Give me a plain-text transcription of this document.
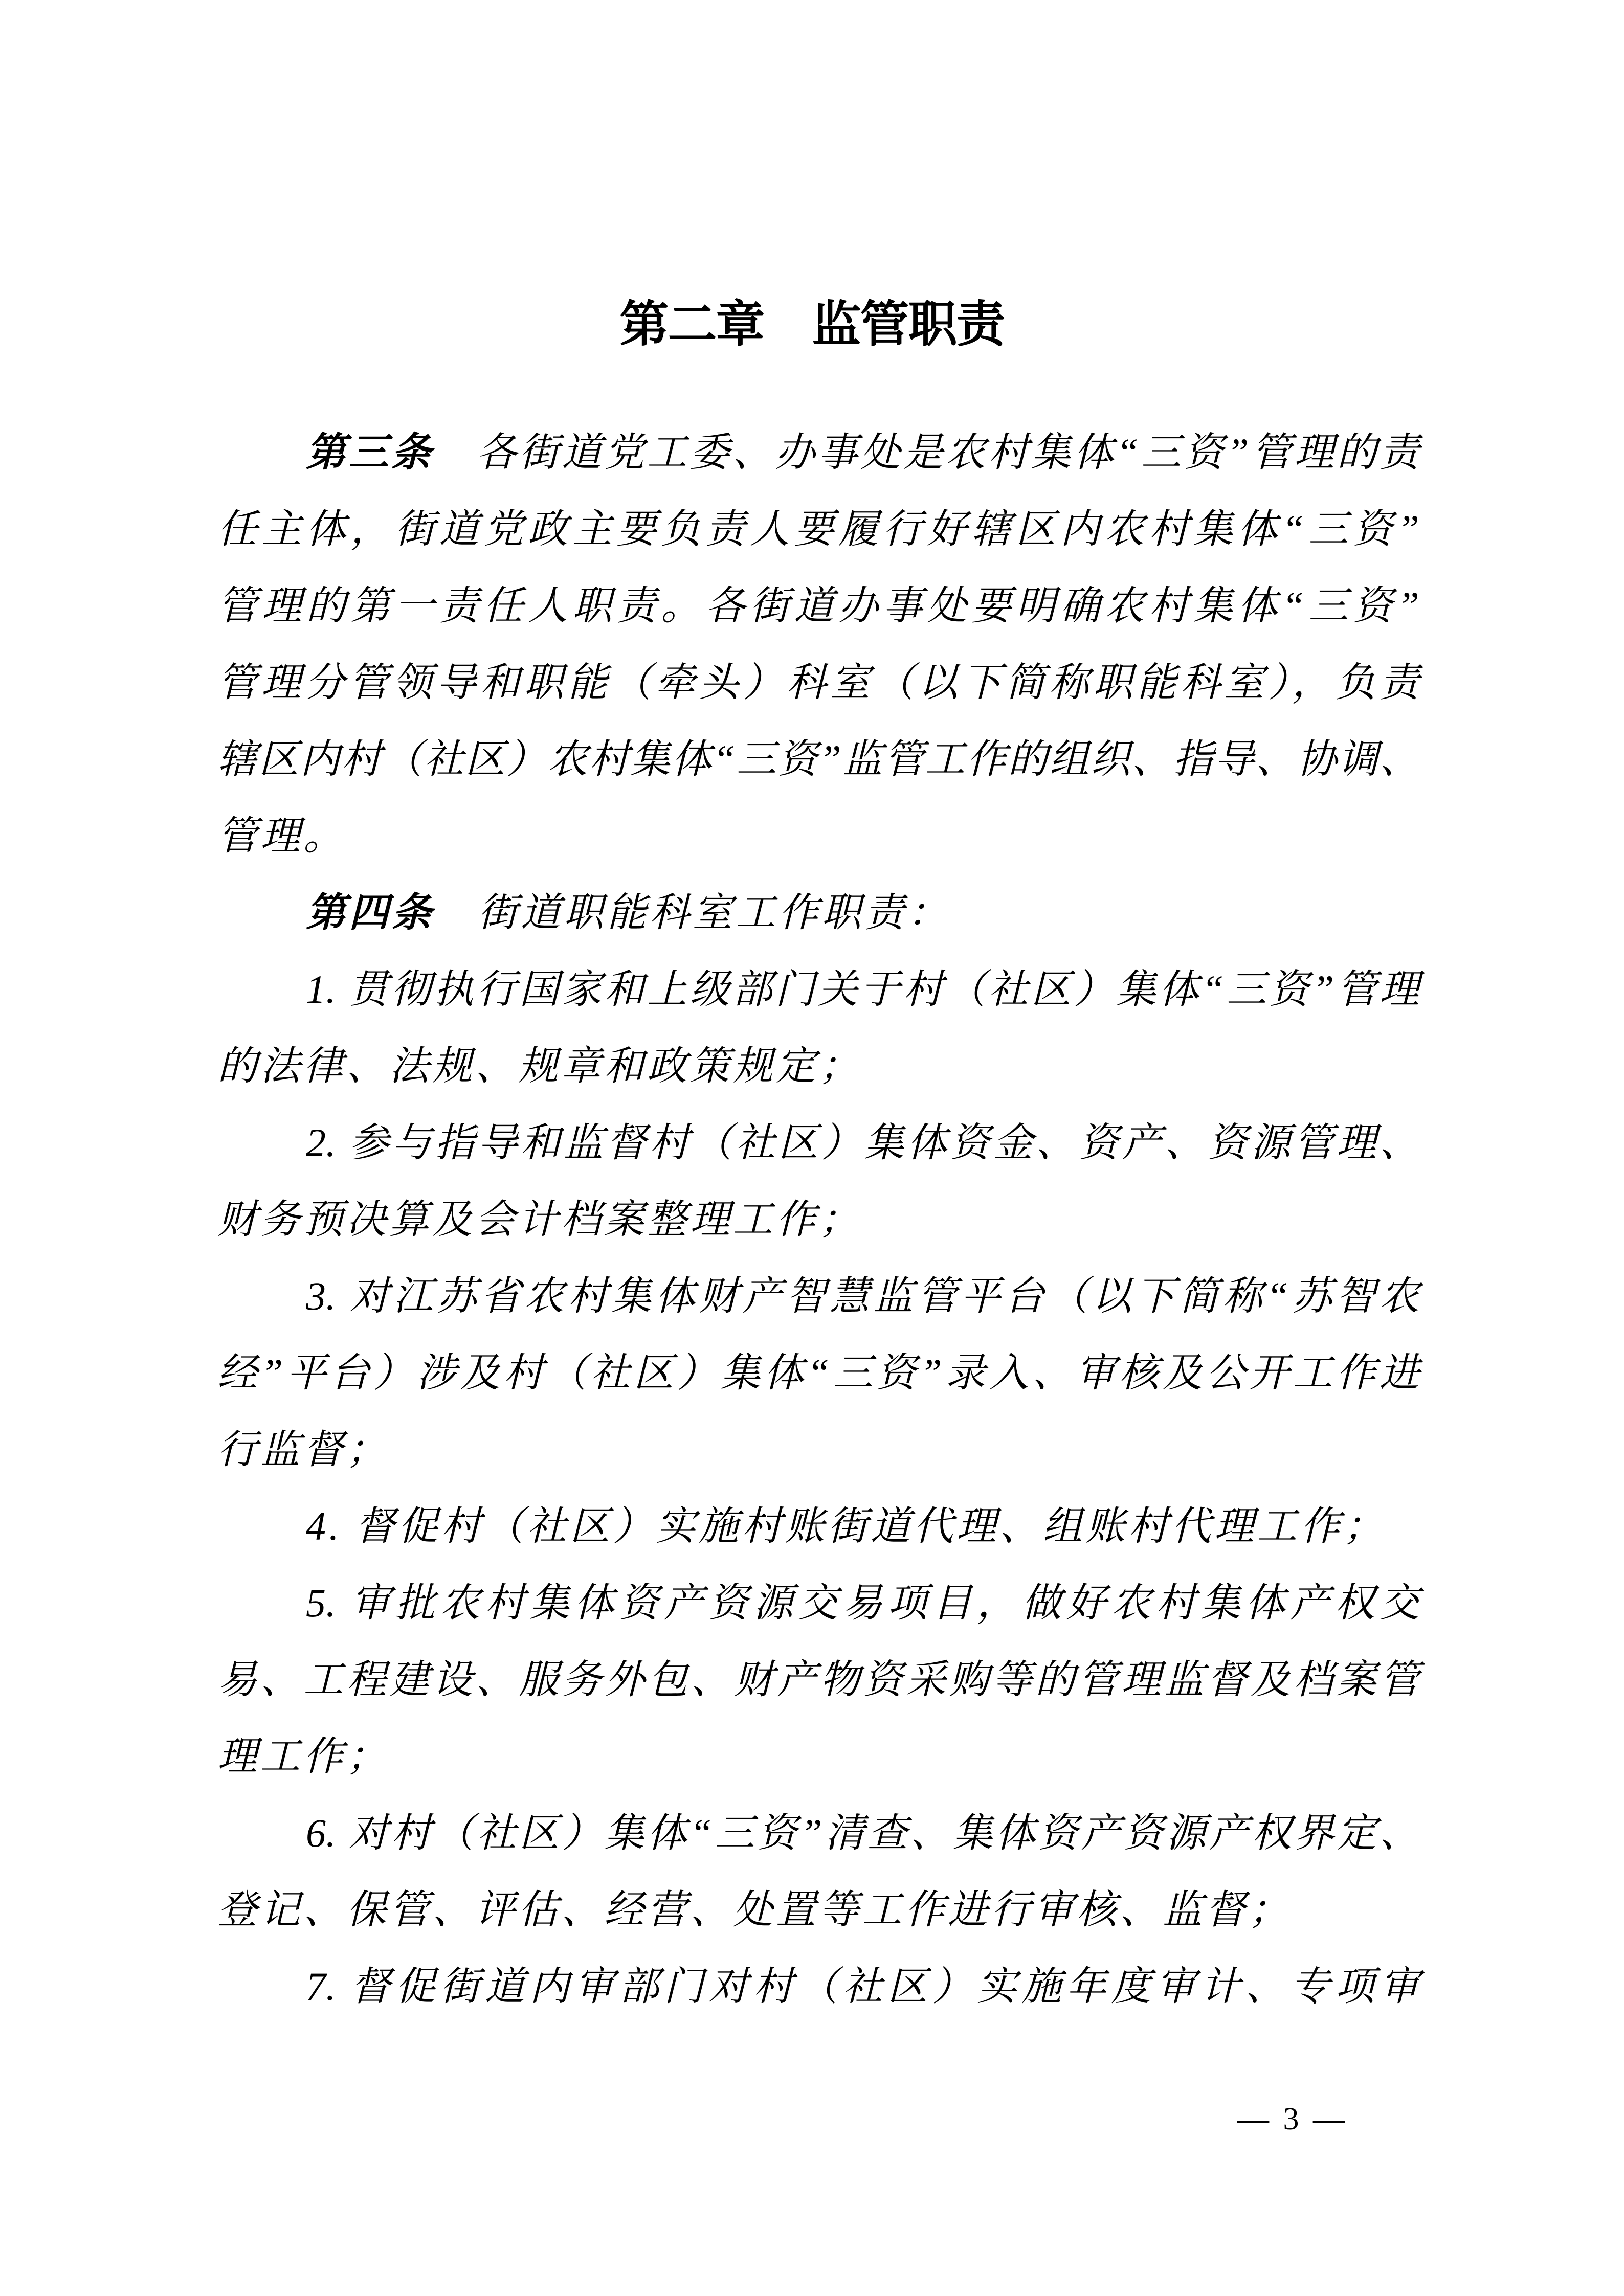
第二章　监管职责
第三条　各街道党工委、办事处是农村集体“三资”管理的责
任主体，街道党政主要负责人要履行好辖区内农村集体“三资”
管理的第一责任人职责。各街道办事处要明确农村集体“三资”
管理分管领导和职能（牵头）科室（以下简称职能科室），负责
辖区内村（社区）农村集体“三资”监管工作的组织、指导、协调、
管理。
第四条　街道职能科室工作职责：
1. 贯彻执行国家和上级部门关于村（社区）集体“三资”管理
的法律、法规、规章和政策规定；
2. 参与指导和监督村（社区）集体资金、资产、资源管理、
财务预决算及会计档案整理工作；
3. 对江苏省农村集体财产智慧监管平台（以下简称“苏智农
经”平台）涉及村（社区）集体“三资”录入、审核及公开工作进
行监督；
4. 督促村（社区）实施村账街道代理、组账村代理工作；
5. 审批农村集体资产资源交易项目，做好农村集体产权交
易、工程建设、服务外包、财产物资采购等的管理监督及档案管
理工作；
6. 对村（社区）集体“三资”清查、集体资产资源产权界定、
登记、保管、评估、经营、处置等工作进行审核、监督；
7. 督促街道内审部门对村（社区）实施年度审计、专项审
— 3 —
